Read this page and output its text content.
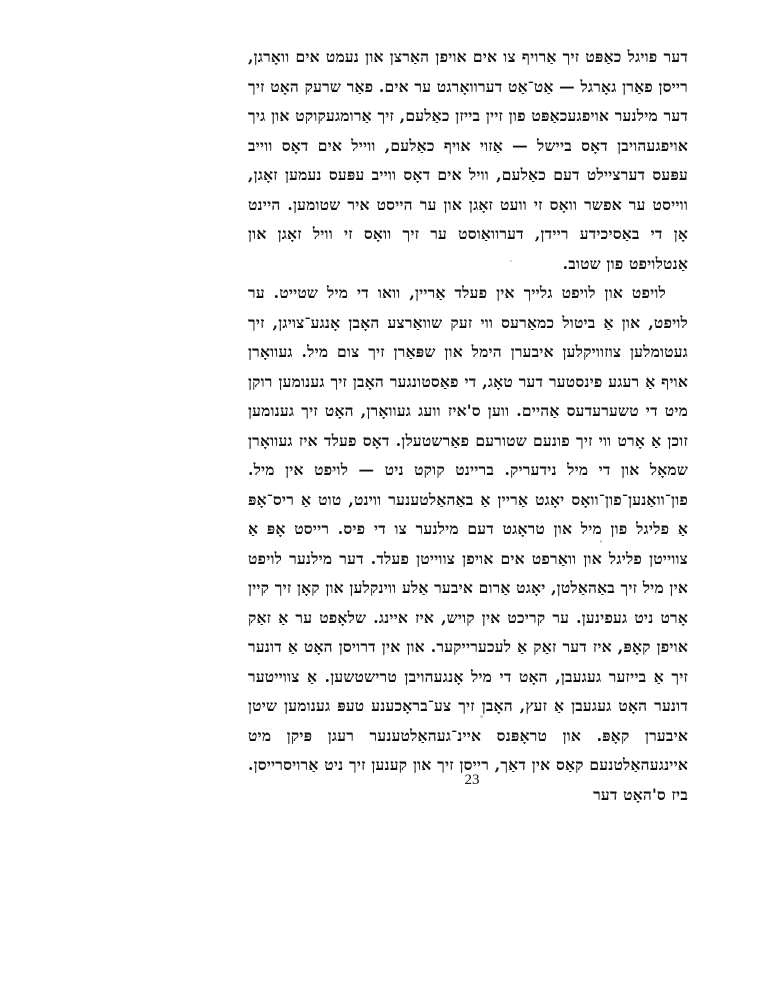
דער פויגל כאַפּט זיך אַרויף צו אים אויפן האַרצן און נעמט אים וואָרגן, רייסן פאַרן גאָרגל — אַט־אַט דערוואָרגט ער אים. פאַר שרעק האָט זיך דער מילנער אויפגעכאַפּט פון זיין בייזן כאַלעם, זיך אַרומגעקוקט און גיך אויפגעהויבן דאָס ביישל — אַזוי אויף כאַלעם, ווייל אים דאָס ווייב עפּעס דערציילט דעם כאַלעם, וויל אים דאָס ווייב עפּעס נעמען זאָגן, ווייסט ער אפשר וואָס זי וועט זאָגן און ער הייסט איר שטומען. היינט אָן די באַסיכידע ריידן, דערוואַוסט ער זיך וואָס זי וויל זאָגן און אַנטלויפט פון שטוב.

לויפט און לויפט גלייך אין פעלד אַריין, וואו די מיל שטייט. ער לויפט, און אַ ביטול כמאַרעס ווי זעק שוואַרצע האָבן אָנגע־צויגן, זיך געטומלען צוזוויקלען איבערן הימל און שפּאַרן זיך צום מיל. געוואָרן אויף אַ רעגע פינסטער דער טאָג, די פאַסטונגער האָבן זיך גענומען רוקן מיט די טשערעדעס אַהיים. ווען ס'איז וועג געוואָרן, האָט זיך גענומען זוכן אַ אָרט ווי זיך פונעם שטורעם פאַרשטעלן. דאָס פעלד איז געוואָרן שמאָל און די מיל נידעריק. בריינט קוקט ניט — לויפט אין מיל. פון־וואַנען־פון־וואָס יאָגט אַריין אַ באַהאַלטענער ווינט, טוט אַ ריס־אָפּ אַ פליגל פון מיל און טראָגט דעם מילנער צו די פיס. רייסט אָפּ אַ צווייטן פליגל און וואַרפט אים אויפן צווייטן פעלד. דער מילנער לויפט אין מיל זיך באַהאַלטן, יאָגט אַרום איבער אַלע ווינקלען און קאָן זיך קיין אָרט ניט געפינען. ער קריכט אין קויש, איז איינג. שלאָפט ער אַ זאַק אויפן קאָפּ, איז דער זאַק אַ לעכערייקער. און אין דרויסן האָט אַ דונער זיך אַ בייזער געגעבן, האָט די מיל אָנגעהויבן טרישטשען. אַ צווייטער דונער האָט געגעבן אַ זעץ, האָבן זיך צע־בראָכענע טעפּ גענומען שיטן איבערן קאָפּ. און טראָפּנס איינ־געהאַלטענער רעגן פּיקן מיט איינגעהאַלטנעם קאַס אין דאַך, רייסן זיך און קענען זיך ניט אַרויסרייסן. ביז ס'האָט דער

23
